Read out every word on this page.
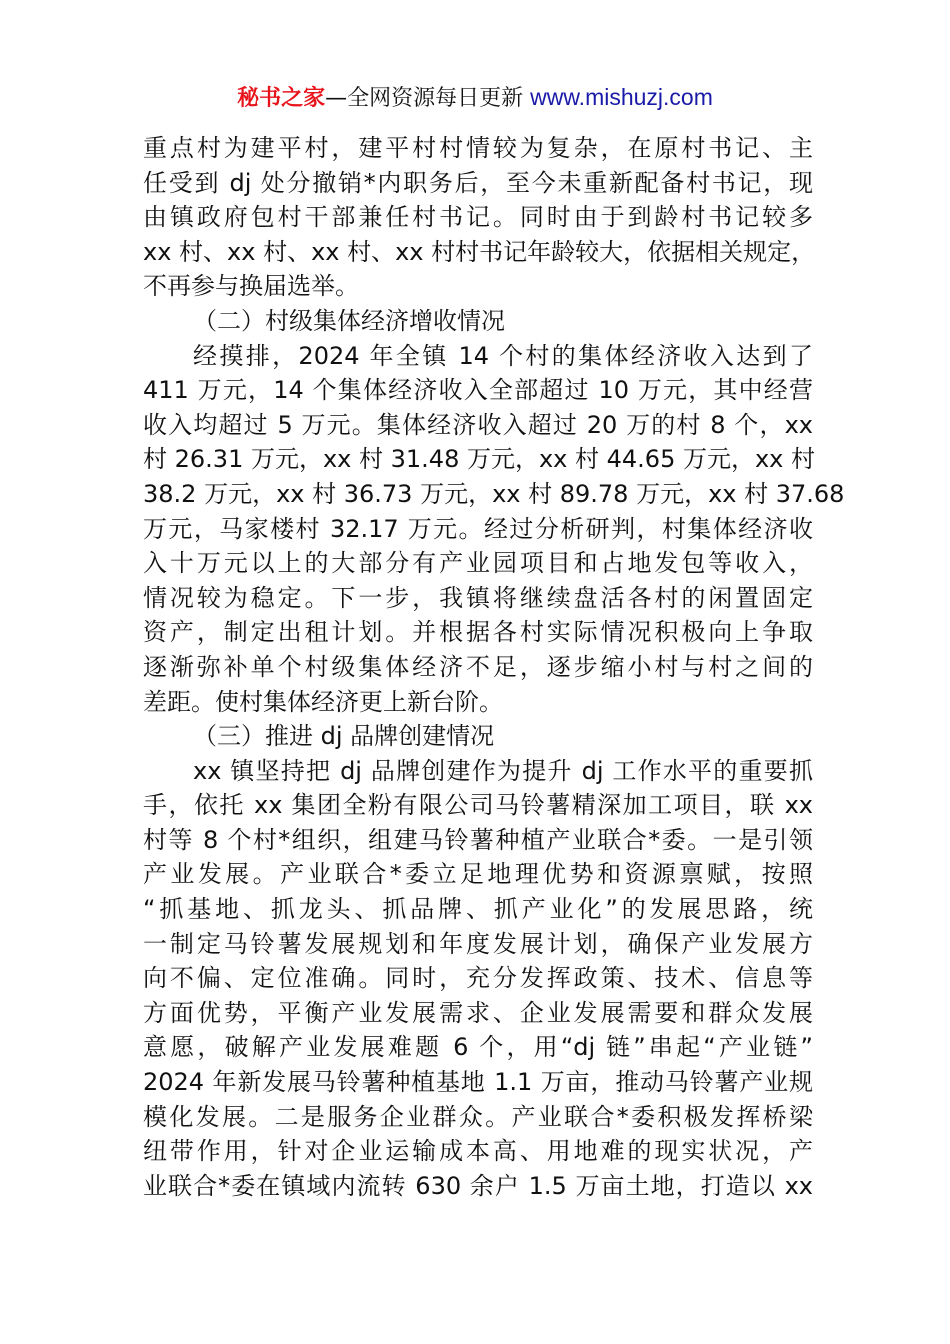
秘书之家—全网资源每日更新 www.mishuzj.com
重点村为建平村，建平村村情较为复杂，在原村书记、主
任受到 dj 处分撤销*内职务后，至今未重新配备村书记，现
由镇政府包村干部兼任村书记。同时由于到龄村书记较多
xx 村、xx 村、xx 村、xx 村村书记年龄较大，依据相关规定，
不再参与换届选举。
（二）村级集体经济增收情况
经摸排，2024 年全镇 14 个村的集体经济收入达到了
411 万元，14 个集体经济收入全部超过 10 万元，其中经营
收入均超过 5 万元。集体经济收入超过 20 万的村 8 个，xx
村 26.31 万元，xx 村 31.48 万元，xx 村 44.65 万元，xx 村
38.2 万元，xx 村 36.73 万元，xx 村 89.78 万元，xx 村 37.68
万元，马家楼村 32.17 万元。经过分析研判，村集体经济收
入十万元以上的大部分有产业园项目和占地发包等收入，
情况较为稳定。下一步，我镇将继续盘活各村的闲置固定
资产，制定出租计划。并根据各村实际情况积极向上争取
逐渐弥补单个村级集体经济不足，逐步缩小村与村之间的
差距。使村集体经济更上新台阶。
（三）推进 dj 品牌创建情况
xx 镇坚持把 dj 品牌创建作为提升 dj 工作水平的重要抓
手，依托 xx 集团全粉有限公司马铃薯精深加工项目，联 xx
村等 8 个村*组织，组建马铃薯种植产业联合*委。一是引领
产业发展。产业联合*委立足地理优势和资源禀赋，按照
“抓基地、抓龙头、抓品牌、抓产业化”的发展思路，统
一制定马铃薯发展规划和年度发展计划，确保产业发展方
向不偏、定位准确。同时，充分发挥政策、技术、信息等
方面优势，平衡产业发展需求、企业发展需要和群众发展
意愿，破解产业发展难题 6 个，用“dj 链”串起“产业链”
2024 年新发展马铃薯种植基地 1.1 万亩，推动马铃薯产业规
模化发展。二是服务企业群众。产业联合*委积极发挥桥梁
纽带作用，针对企业运输成本高、用地难的现实状况，产
业联合*委在镇域内流转 630 余户 1.5 万亩土地，打造以 xx
